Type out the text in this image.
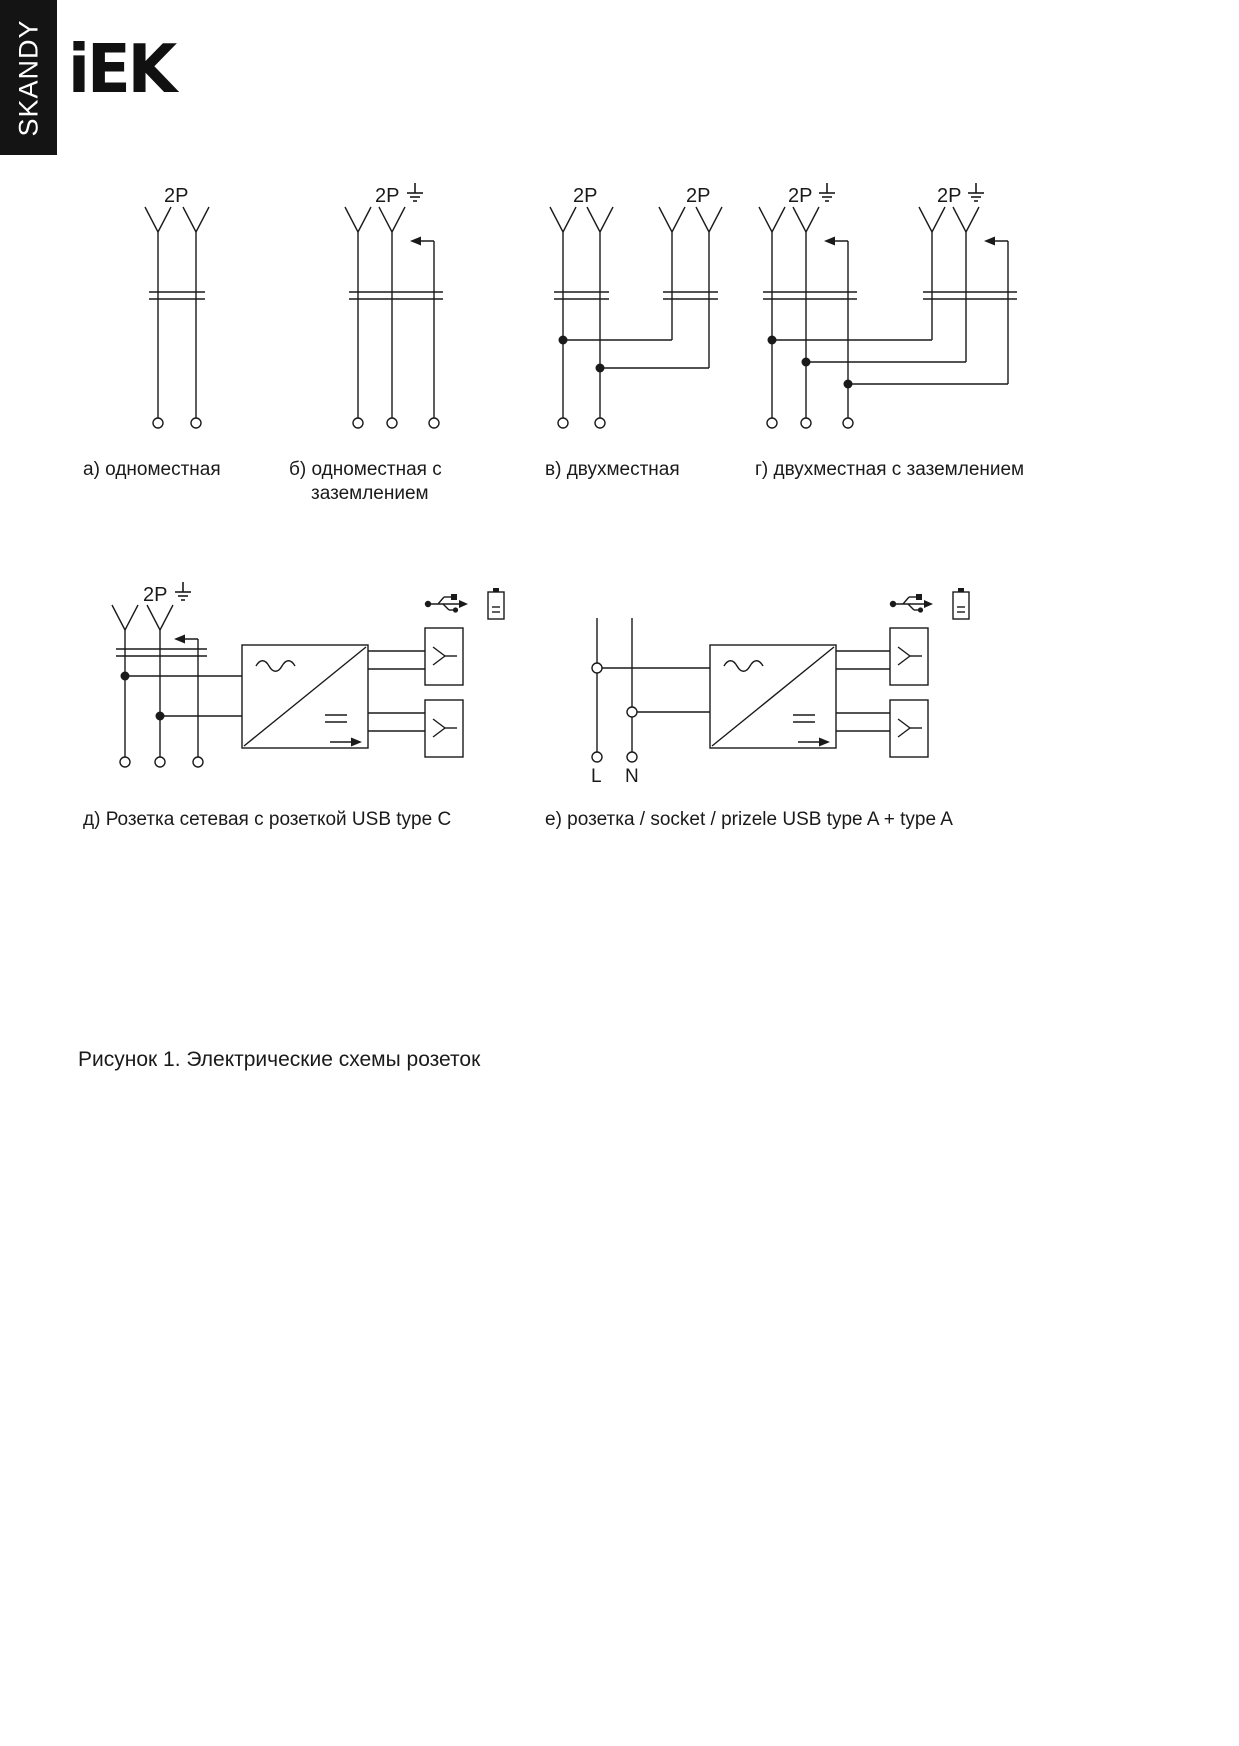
SKANDY iEK
2P	2P	2P	2P	2P	2P
2P
L N
а) одноместная	б) одноместная с заземлением
в) двухместная	г) двухместная с заземлением
д) Розетка сетевая с розеткой USB type C	е) розетка / socket / prizele USB type A + type A
Рисунок 1. Электрические схемы розеток
